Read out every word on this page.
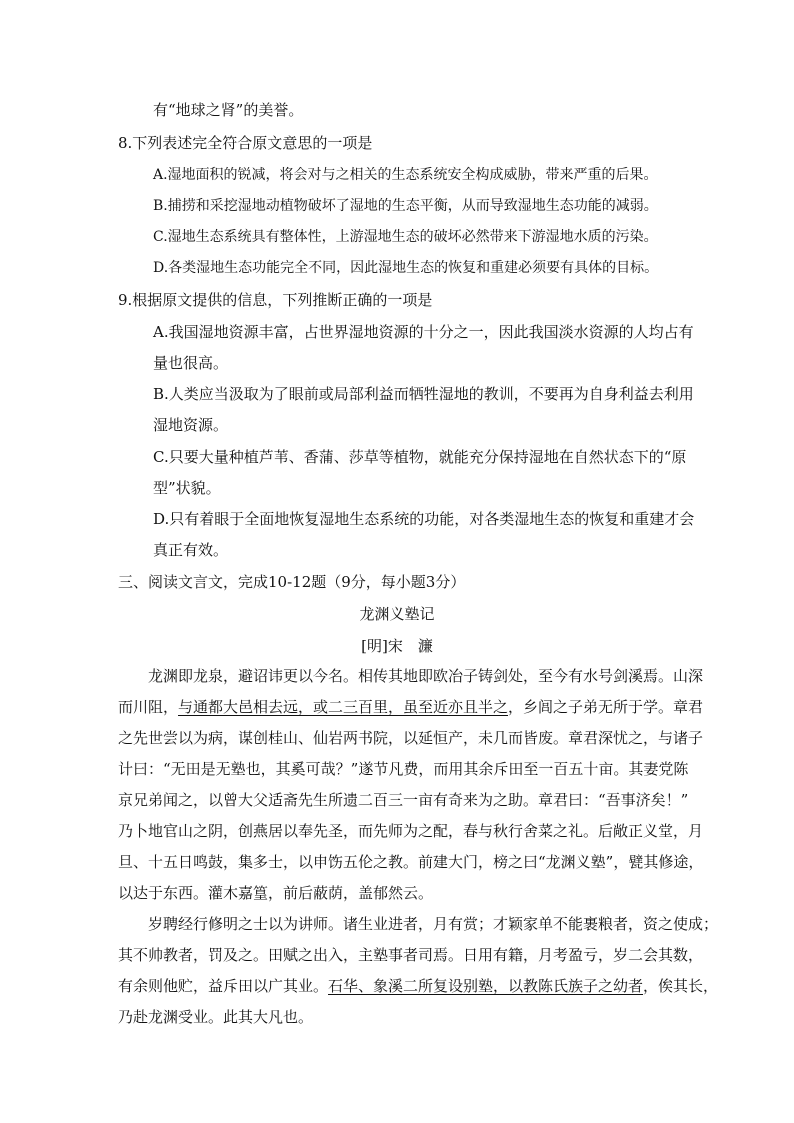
有“地球之肾”的美誉。
8.下列表述完全符合原文意思的一项是
A.湿地面积的锐减，将会对与之相关的生态系统安全构成威胁，带来严重的后果。
B.捕捞和采挖湿地动植物破坏了湿地的生态平衡，从而导致湿地生态功能的减弱。
C.湿地生态系统具有整体性，上游湿地生态的破坏必然带来下游湿地水质的污染。
D.各类湿地生态功能完全不同，因此湿地生态的恢复和重建必须要有具体的目标。
9.根据原文提供的信息，下列推断正确的一项是
A.我国湿地资源丰富，占世界湿地资源的十分之一，因此我国淡水资源的人均占有
量也很高。
B.人类应当汲取为了眼前或局部利益而牺牲湿地的教训，不要再为自身利益去利用
湿地资源。
C.只要大量种植芦苇、香蒲、莎草等植物，就能充分保持湿地在自然状态下的“原
型”状貌。
D.只有着眼于全面地恢复湿地生态系统的功能，对各类湿地生态的恢复和重建才会
真正有效。
三、阅读文言文，完成10-12题（9分，每小题3分）
龙渊义塾记
[明]宋　濂
龙渊即龙泉，避诏讳更以今名。相传其地即欧冶子铸剑处，至今有水号剑溪焉。山深
而川阻，与通都大邑相去远，或二三百里，虽至近亦且半之，乡闾之子弟无所于学。章君
之先世尝以为病，谋创桂山、仙岩两书院，以延恒产，未几而皆废。章君深忧之，与诸子
计曰：“无田是无塾也，其奚可哉？”遂节凡费，而用其余斥田至一百五十亩。其妻党陈
京兄弟闻之，以曾大父适斋先生所遗二百三一亩有奇来为之助。章君曰：“吾事济矣！”
乃卜地官山之阴，创燕居以奉先圣，而先师为之配，春与秋行舍菜之礼。后敞正义堂，月
旦、十五日鸣鼓，集多士，以申饬五伦之教。前建大门，榜之曰“龙渊义塾”，甓其修途，
以达于东西。灌木嘉篁，前后蔽荫，盖郁然云。
岁聘经行修明之士以为讲师。诸生业进者，月有赏；才颖家单不能裹粮者，资之使成；
其不帅教者，罚及之。田赋之出入，主塾事者司焉。日用有籍，月考盈亏，岁二会其数，
有余则他贮，益斥田以广其业。石华、象溪二所复设别塾，以教陈氏族子之幼者，俟其长，
乃赴龙渊受业。此其大凡也。
